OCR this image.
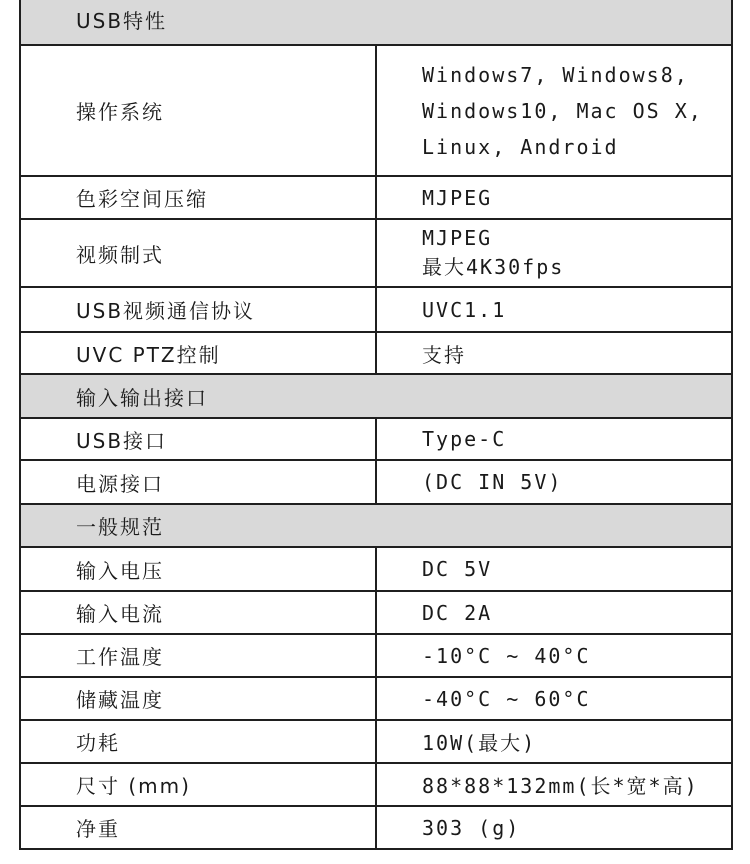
USB特性	
操作系统	Windows7, Windows8,
Windows10, Mac OS X,
Linux, Android

色彩空间压缩	MJPEG
视频制式	MJPEG
最大4K30fps

USB视频通信协议	UVC1.1
UVC PTZ控制	支持
输入输出接口	
USB接口	Type-C
电源接口	(DC IN 5V)
一般规范	
输入电压	DC 5V
输入电流	DC 2A
工作温度	-10°C ~ 40°C
储藏温度	-40°C ~ 60°C
功耗	10W(最大)
尺寸 (mm)	88*88*132mm(长*宽*高)
净重	303 (g)
